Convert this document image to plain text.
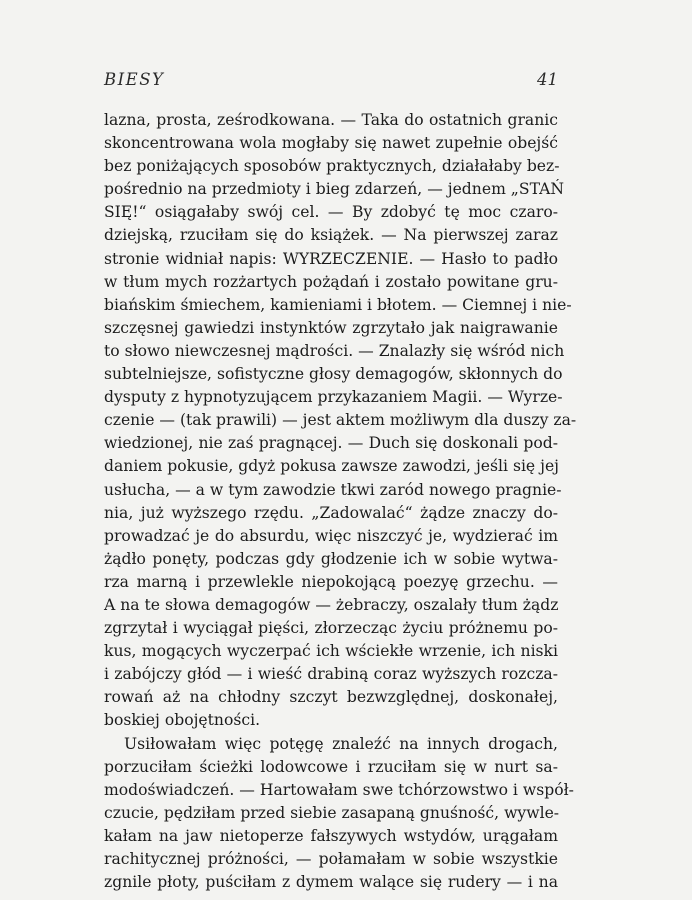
BIESY	41
lazna, prosta, ześrodkowana. — Taka do ostatnich granic
skoncentrowana wola mogłaby się nawet zupełnie obejść
bez poniżających sposobów praktycznych, działałaby bez-
pośrednio na przedmioty i bieg zdarzeń, — jednem „STAŃ
SIĘ!“ osiągałaby swój cel. — By zdobyć tę moc czaro-
dziejską, rzuciłam się do książek. — Na pierwszej zaraz
stronie widniał napis: WYRZECZENIE. — Hasło to padło
w tłum mych rozżartych pożądań i zostało powitane gru-
biańskim śmiechem, kamieniami i błotem. — Ciemnej i nie-
szczęsnej gawiedzi instynktów zgrzytało jak naigrawanie
to słowo niewczesnej mądrości. — Znalazły się wśród nich
subtelniejsze, sofistyczne głosy demagogów, skłonnych do
dysputy z hypnotyzującem przykazaniem Magii. — Wyrze-
czenie — (tak prawili) — jest aktem możliwym dla duszy za-
wiedzionej, nie zaś pragnącej. — Duch się doskonali pod-
daniem pokusie, gdyż pokusa zawsze zawodzi, jeśli się jej
usłucha, — a w tym zawodzie tkwi zaród nowego pragnie-
nia, już wyższego rzędu. „Zadowalać“ żądze znaczy do-
prowadzać je do absurdu, więc niszczyć je, wydzierać im
żądło ponęty, podczas gdy głodzenie ich w sobie wytwa-
rza marną i przewlekle niepokojącą poezyę grzechu. —
A na te słowa demagogów — żebraczy, oszalały tłum żądz
zgrzytał i wyciągał pięści, złorzecząc życiu próżnemu po-
kus, mogących wyczerpać ich wściekłe wrzenie, ich niski
i zabójczy głód — i wieść drabiną coraz wyższych rozcza-
rowań aż na chłodny szczyt bezwzględnej, doskonałej,
boskiej obojętności.
Usiłowałam więc potęgę znaleźć na innych drogach,
porzuciłam ścieżki lodowcowe i rzuciłam się w nurt sa-
modoświadczeń. — Hartowałam swe tchórzowstwo i współ-
czucie, pędziłam przed siebie zasapaną gnuśność, wywle-
kałam na jaw nietoperze fałszywych wstydów, urągałam
rachitycznej próżności, — połamałam w sobie wszystkie
zgnile płoty, puściłam z dymem walące się rudery — i na
